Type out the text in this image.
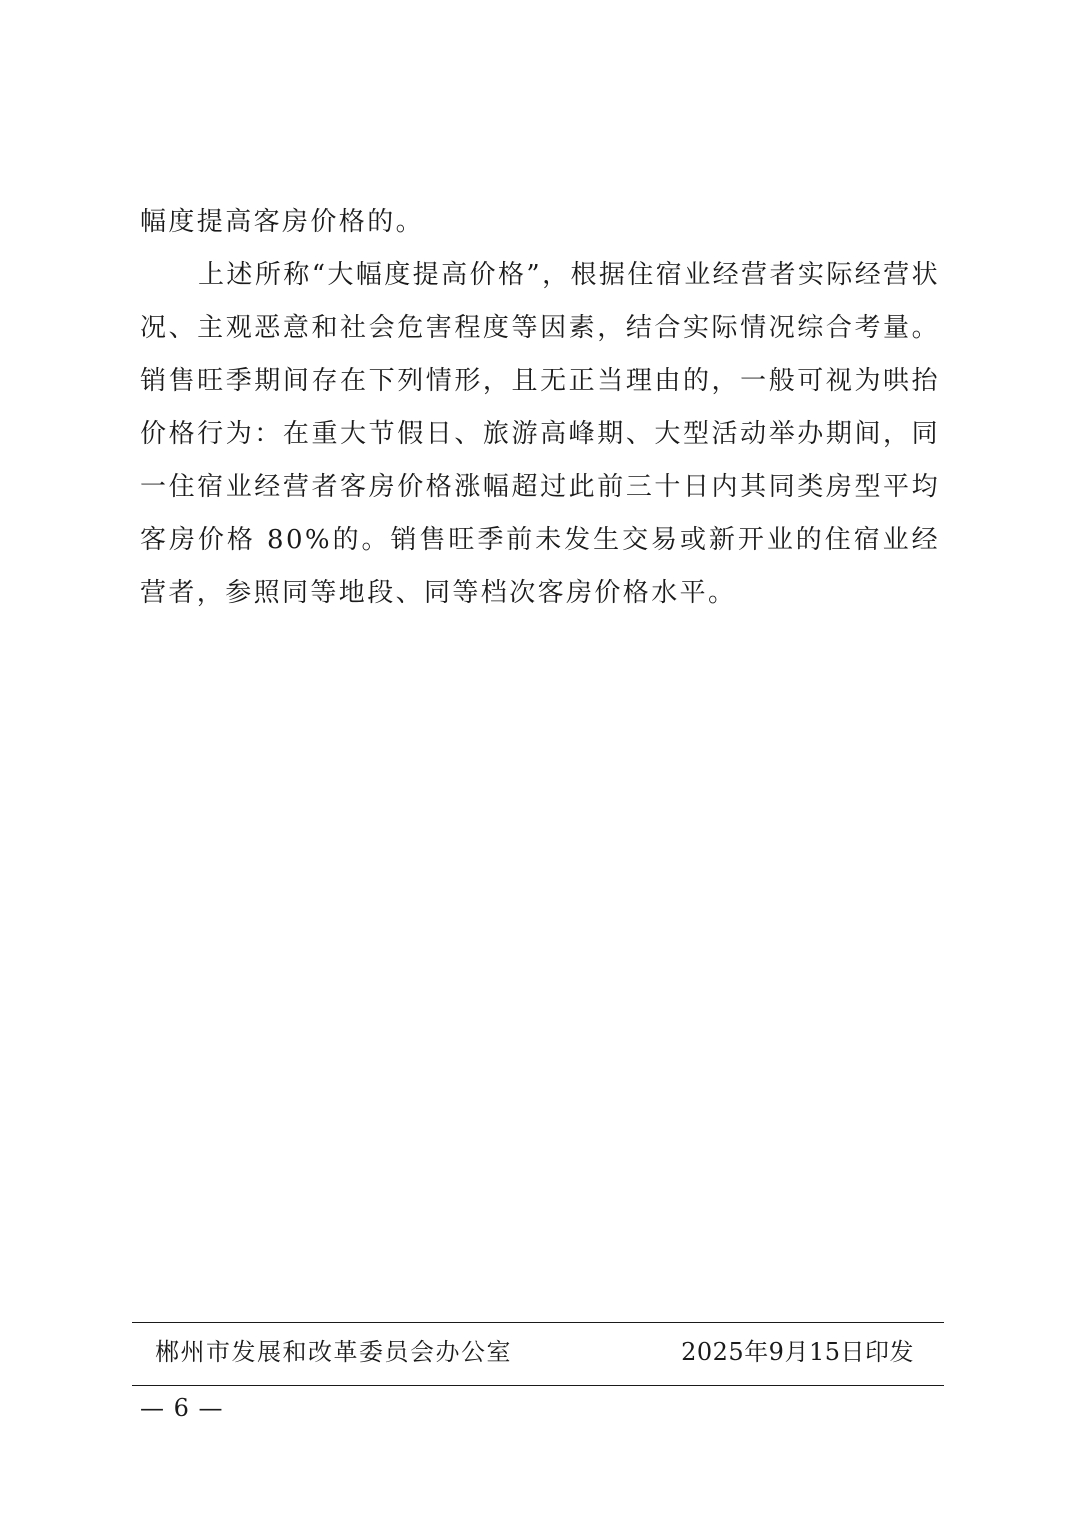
幅度提高客房价格的。

上述所称“大幅度提高价格”，根据住宿业经营者实际经营状况、主观恶意和社会危害程度等因素，结合实际情况综合考量。销售旺季期间存在下列情形，且无正当理由的，一般可视为哄抬价格行为：在重大节假日、旅游高峰期、大型活动举办期间，同一住宿业经营者客房价格涨幅超过此前三十日内其同类房型平均客房价格 80%的。销售旺季前未发生交易或新开业的住宿业经营者，参照同等地段、同等档次客房价格水平。

郴州市发展和改革委员会办公室	2025年9月15日印发
— 6 —
